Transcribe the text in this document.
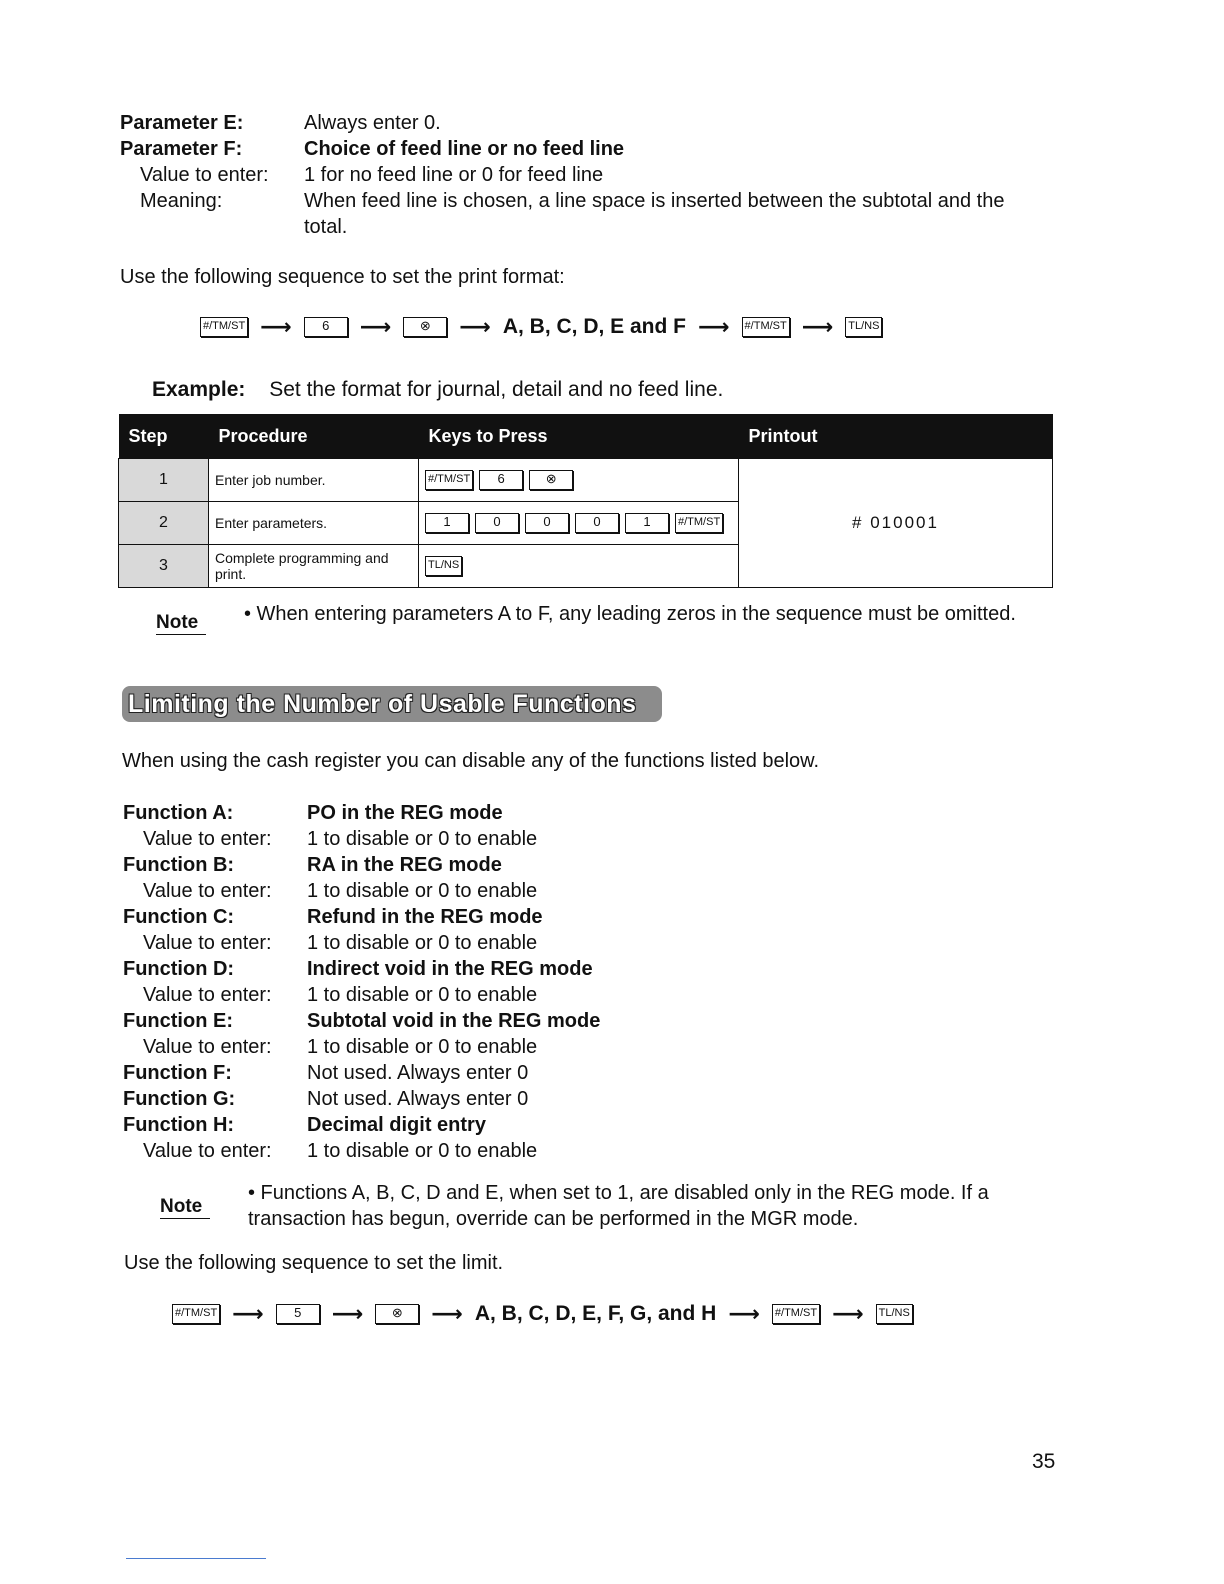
Parameter E:	Always enter 0.
Parameter F:	Choice of feed line or no feed line
Value to enter: 1 for no feed line or 0 for feed line
Meaning:	When feed line is chosen, a line space is inserted between the subtotal and the total.
Use the following sequence to set the print format:
#/TM/ST ⟶	6	⟶	⊗	⟶ A, B, C, D, E and F ⟶ #/TM/ST ⟶ TL/NS
Example: Set the format for journal, detail and no feed line.
Step	Procedure	Keys to Press	Printout
1	Enter job number.	#/TM/ST 6 ⊗	# 010001
2	Enter parameters.	1 0 0 0 1 #/TM/ST	
3	Complete programming and print.	TL/NS	
Note	• When entering parameters A to F, any leading zeros in the sequence must be omitted.
Limiting the Number of Usable Functions
When using the cash register you can disable any of the functions listed below.
Function A:	PO in the REG mode
Value to enter: 1 to disable or 0 to enable
Function B:	RA in the REG mode
Value to enter: 1 to disable or 0 to enable
Function C:	Refund in the REG mode
Value to enter: 1 to disable or 0 to enable
Function D:	Indirect void in the REG mode
Value to enter: 1 to disable or 0 to enable
Function E:	Subtotal void in the REG mode
Value to enter: 1 to disable or 0 to enable
Function F:	Not used. Always enter 0
Function G:	Not used. Always enter 0
Function H:	Decimal digit entry
Value to enter: 1 to disable or 0 to enable
Note
• Functions A, B, C, D and E, when set to 1, are disabled only in the REG mode. If a transaction has begun, override can be performed in the MGR mode.
Use the following sequence to set the limit.
#/TM/ST ⟶	5	⟶	⊗	⟶ A, B, C, D, E, F, G, and H ⟶ #/TM/ST ⟶ TL/NS
35
